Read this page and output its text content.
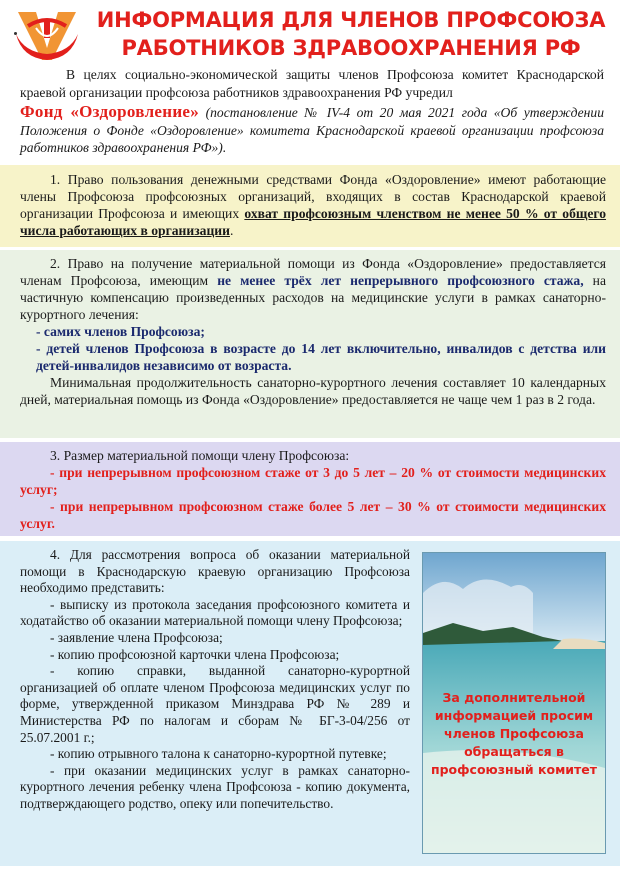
ИНФОРМАЦИЯ ДЛЯ ЧЛЕНОВ ПРОФСОЮЗА
РАБОТНИКОВ ЗДРАВООХРАНЕНИЯ РФ
В целях социально-экономической защиты членов Профсоюза комитет Краснодарской краевой организации профсоюза работников здравоохранения РФ учредил
Фонд «Оздоровление» (постановление № IV-4 от 20 мая 2021 года «Об утверждении Положения о Фонде «Оздоровление» комитета Краснодарской краевой организации профсоюза работников здравоохранения РФ»).
1. Право пользования денежными средствами Фонда «Оздоровление» имеют работающие члены Профсоюза профсоюзных организаций, входящих в состав Краснодарской краевой организации Профсоюза и имеющих охват профсоюзным членством не менее 50 % от общего числа работающих в организации.
2. Право на получение материальной помощи из Фонда «Оздоровление» предоставляется членам Профсоюза, имеющим не менее трёх лет непрерывного профсоюзного стажа, на частичную компенсацию произведенных расходов на медицинские услуги в рамках санаторно-курортного лечения:
- самих членов Профсоюза;
- детей членов Профсоюза в возрасте до 14 лет включительно, инвалидов с детства или детей-инвалидов независимо от возраста.
Минимальная продолжительность санаторно-курортного лечения составляет 10 календарных дней, материальная помощь из Фонда «Оздоровление» предоставляется не чаще чем 1 раз в 2 года.
3. Размер материальной помощи члену Профсоюза:
- при непрерывном профсоюзном стаже от 3 до 5 лет – 20 % от стоимости медицинских услуг;
- при непрерывном профсоюзном стаже более 5 лет – 30 % от стоимости медицинских услуг.

4. Для рассмотрения вопроса об оказании материальной помощи в Краснодарскую краевую организацию Профсоюза необходимо представить:

- выписку из протокола заседания профсоюзного комитета и ходатайство об оказании материальной помощи члену Профсоюза;

- заявление члена Профсоюза;

- копию профсоюзной карточки члена Профсоюза;

- копию справки, выданной санаторно-курортной организацией об оплате членом Профсоюза медицинских услуг по форме, утвержденной приказом Минздрава РФ № 289 и Министерства РФ по налогам и сборам № БГ-3-04/256 от 25.07.2001 г.;

- копию отрывного талона к санаторно-курортной путевке;

- при оказании медицинских услуг в рамках санаторно-курортного лечения ребенку члена Профсоюза - копию документа, подтверждающего родство, опеку или попечительство.

За дополнительной информацией просим членов Профсоюза обращаться в профсоюзный комитет
